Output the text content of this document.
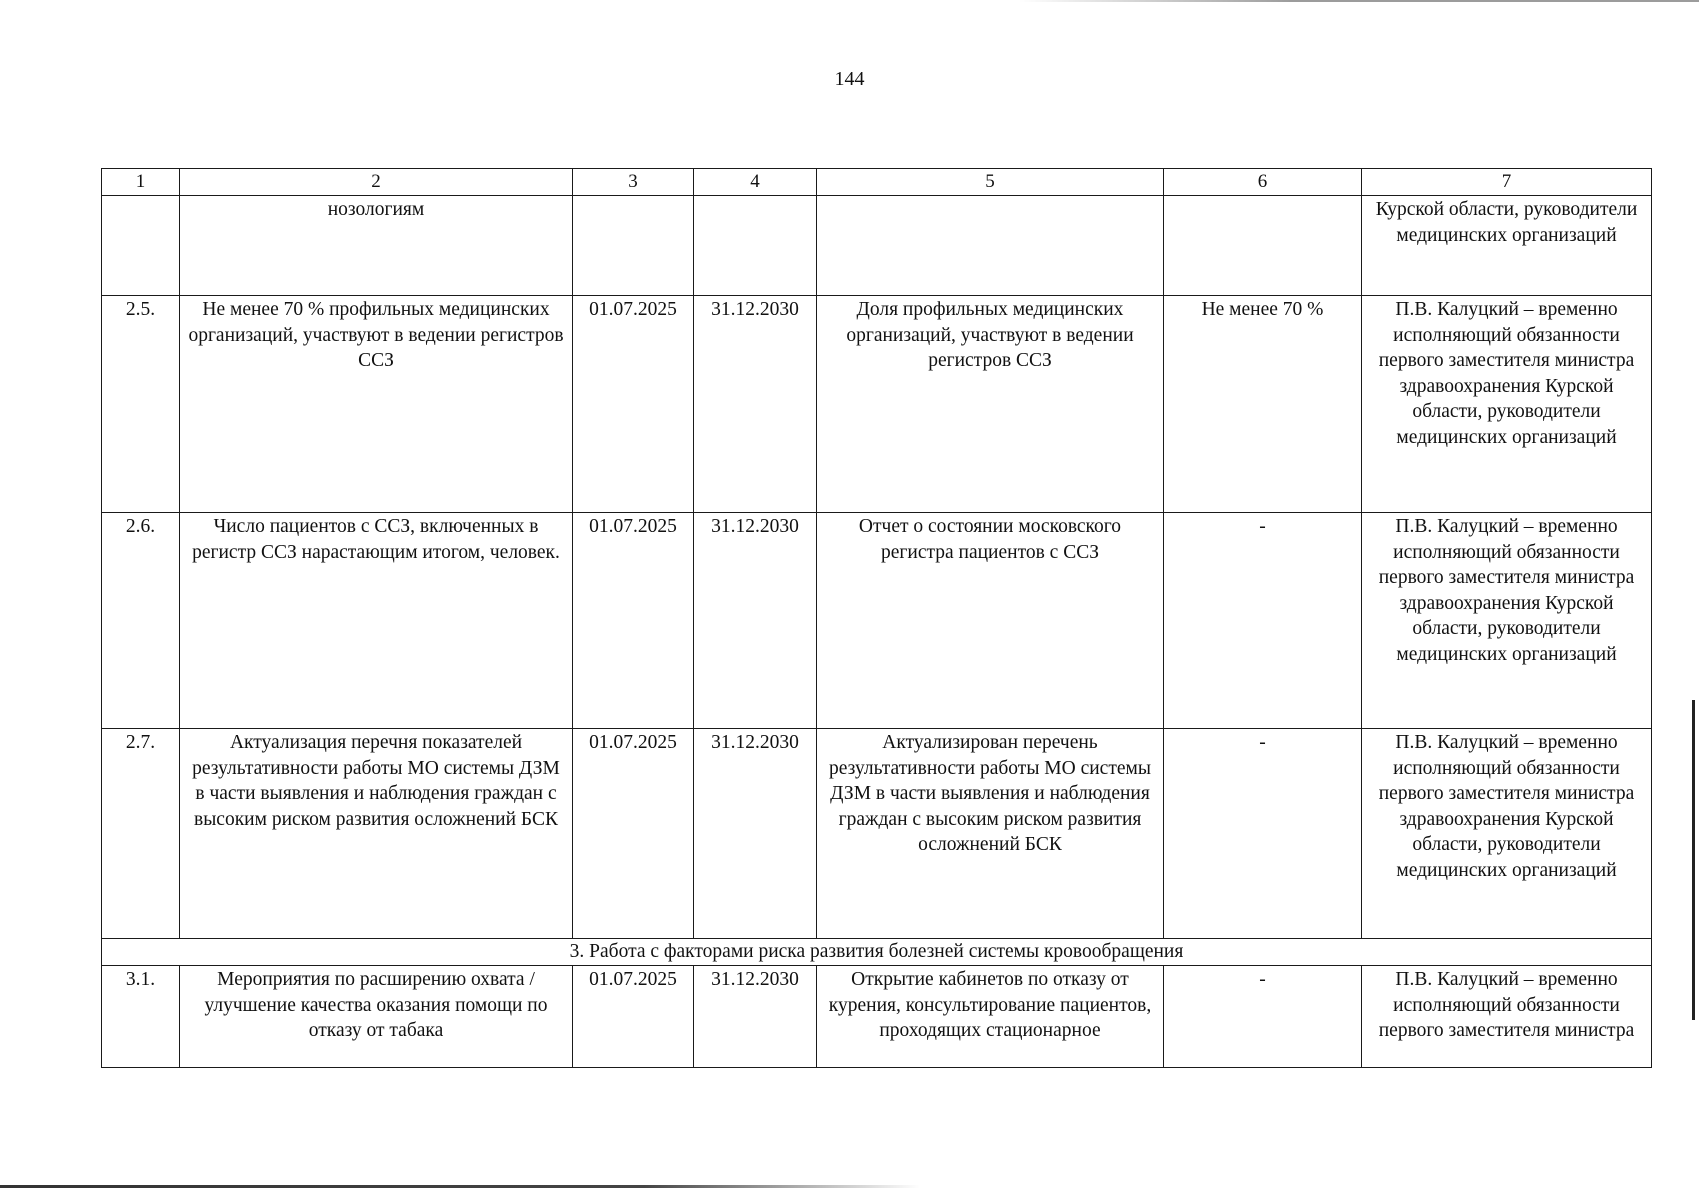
144
1	2	3	4	5	6	7
	нозологиям					Курской области, руководители медицинских организаций
2.5.	Не менее 70 % профильных медицинских организаций, участвуют в ведении регистров ССЗ	01.07.2025	31.12.2030	Доля профильных медицинских организаций, участвуют в ведении регистров ССЗ	Не менее 70 %	П.В. Калуцкий – временно исполняющий обязанности первого заместителя министра здравоохранения Курской области, руководители медицинских организаций
2.6.	Число пациентов с ССЗ, включенных в регистр ССЗ нарастающим итогом, человек.	01.07.2025	31.12.2030	Отчет о состоянии московского регистра пациентов с ССЗ	-	П.В. Калуцкий – временно исполняющий обязанности первого заместителя министра здравоохранения Курской области, руководители медицинских организаций
2.7.	Актуализация перечня показателей результативности работы МО системы ДЗМ в части выявления и наблюдения граждан с высоким риском развития осложнений БСК	01.07.2025	31.12.2030	Актуализирован перечень результативности работы МО системы ДЗМ в части выявления и наблюдения граждан с высоким риском развития осложнений БСК	-	П.В. Калуцкий – временно исполняющий обязанности первого заместителя министра здравоохранения Курской области, руководители медицинских организаций
3. Работа с факторами риска развития болезней системы кровообращения						
3.1.	Мероприятия по расширению охвата / улучшение качества оказания помощи по отказу от табака	01.07.2025	31.12.2030	Открытие кабинетов по отказу от курения, консультирование пациентов, проходящих стационарное	-	П.В. Калуцкий – временно исполняющий обязанности первого заместителя министра
